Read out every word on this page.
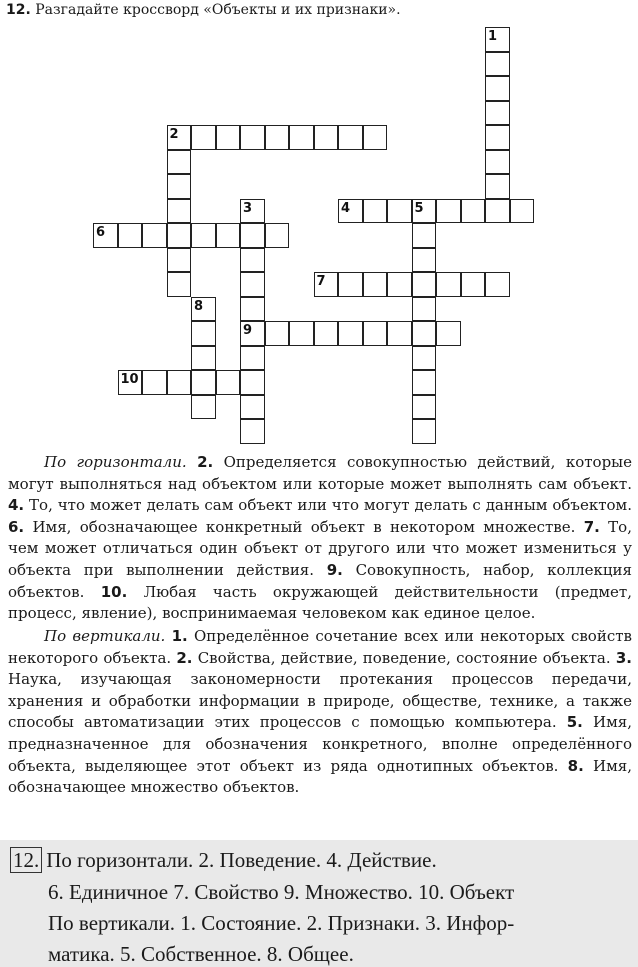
12. Разгадайте кроссворд «Объекты и их признаки».
1
2
3	4	5
6
7
8
9
10
По горизонтали. 2. Определяется совокупностью действий, которые могут выполняться над объектом или которые может выполнять сам объект. 4. То, что может делать сам объект или что могут делать с данным объектом. 6. Имя, обозначающее конкретный объект в некотором множестве. 7. То, чем может отличаться один объект от другого или что может измениться у объекта при выполнении действия. 9. Совокупность, набор, коллекция объектов. 10. Любая часть окружающей действительности (предмет, процесс, явление), воспринимаемая человеком как единое целое.
По вертикали. 1. Определённое сочетание всех или некоторых свойств некоторого объекта. 2. Свойства, действие, поведение, состояние объекта. 3. Наука, изучающая закономерности протекания процессов передачи, хранения и обработки информации в природе, обществе, технике, а также способы автоматизации этих процессов с помощью компьютера. 5. Имя, предназначенное для обозначения конкретного, вполне определённого объекта, выделяющее этот объект из ряда однотипных объектов. 8. Имя, обозначающее множество объектов.
12. По горизонтали. 2. Поведение. 4. Действие.
6. Единичное 7. Свойство 9. Множество. 10. Объект
По вертикали. 1. Состояние. 2. Признаки. 3. Инфор-
матика. 5. Собственное. 8. Общее.
